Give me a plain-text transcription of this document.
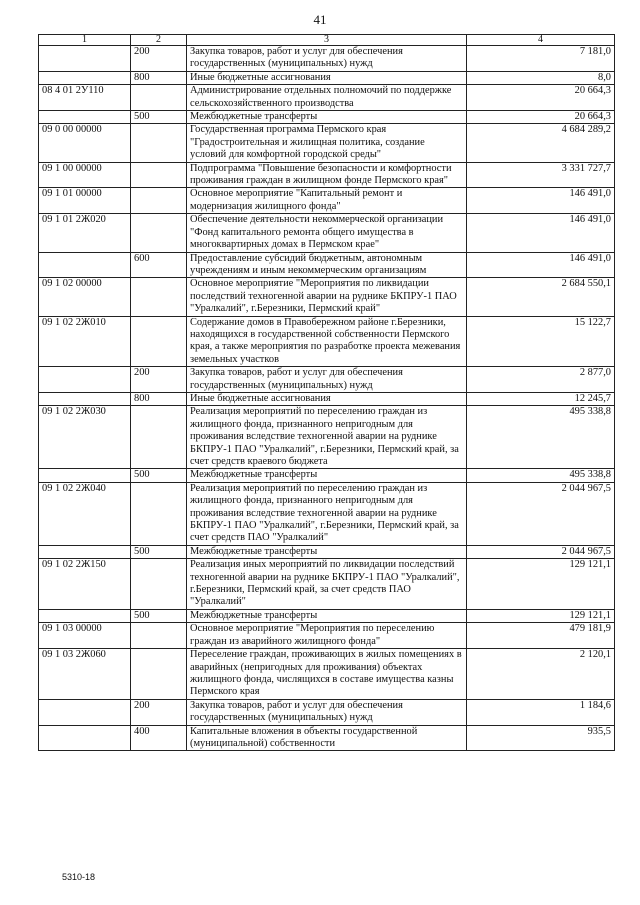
41
1	2	3	4
	200	Закупка товаров, работ и услуг для обеспечения государственных (муниципальных) нужд	7 181,0
	800	Иные бюджетные ассигнования	8,0
08 4 01 2У110		Администрирование отдельных полномочий по поддержке сельскохозяйственного производства	20 664,3
	500	Межбюджетные трансферты	20 664,3
09 0 00 00000		Государственная программа Пермского края "Градостроительная и жилищная политика, создание условий для комфортной городской среды"	4 684 289,2
09 1 00 00000		Подпрограмма "Повышение безопасности и комфортности проживания граждан в жилищном фонде Пермского края"	3 331 727,7
09 1 01 00000		Основное мероприятие "Капитальный ремонт и модернизация жилищного фонда"	146 491,0
09 1 01 2Ж020		Обеспечение деятельности некоммерческой организации "Фонд капитального ремонта общего имущества в многоквартирных домах в Пермском крае"	146 491,0
	600	Предоставление субсидий бюджетным, автономным учреждениям и иным некоммерческим организациям	146 491,0
09 1 02 00000		Основное мероприятие "Мероприятия по ликвидации последствий техногенной аварии на руднике БКПРУ-1 ПАО "Уралкалий", г.Березники, Пермский край"	2 684 550,1
09 1 02 2Ж010		Содержание домов в Правобережном районе г.Березники, находящихся в государственной собственности Пермского края, а также мероприятия по разработке проекта межевания земельных участков	15 122,7
	200	Закупка товаров, работ и услуг для обеспечения государственных (муниципальных) нужд	2 877,0
	800	Иные бюджетные ассигнования	12 245,7
09 1 02 2Ж030		Реализация мероприятий по переселению граждан из жилищного фонда, признанного непригодным для проживания вследствие техногенной аварии на руднике БКПРУ-1 ПАО "Уралкалий", г.Березники, Пермский край, за счет средств краевого бюджета	495 338,8
	500	Межбюджетные трансферты	495 338,8
09 1 02 2Ж040		Реализация мероприятий по переселению граждан из жилищного фонда, признанного непригодным для проживания вследствие техногенной аварии на руднике БКПРУ-1 ПАО "Уралкалий", г.Березники, Пермский край, за счет средств ПАО "Уралкалий"	2 044 967,5
	500	Межбюджетные трансферты	2 044 967,5
09 1 02 2Ж150		Реализация иных мероприятий по ликвидации последствий техногенной аварии на руднике БКПРУ-1 ПАО "Уралкалий", г.Березники, Пермский край, за счет средств ПАО "Уралкалий"	129 121,1
	500	Межбюджетные трансферты	129 121,1
09 1 03 00000		Основное мероприятие "Мероприятия по переселению граждан из аварийного жилищного фонда"	479 181,9
09 1 03 2Ж060		Переселение граждан, проживающих в жилых помещениях в аварийных (непригодных для проживания) объектах жилищного фонда, числящихся в составе имущества казны Пермского края	2 120,1
	200	Закупка товаров, работ и услуг для обеспечения государственных (муниципальных) нужд	1 184,6
	400	Капитальные вложения в объекты государственной (муниципальной) собственности	935,5
5310-18
